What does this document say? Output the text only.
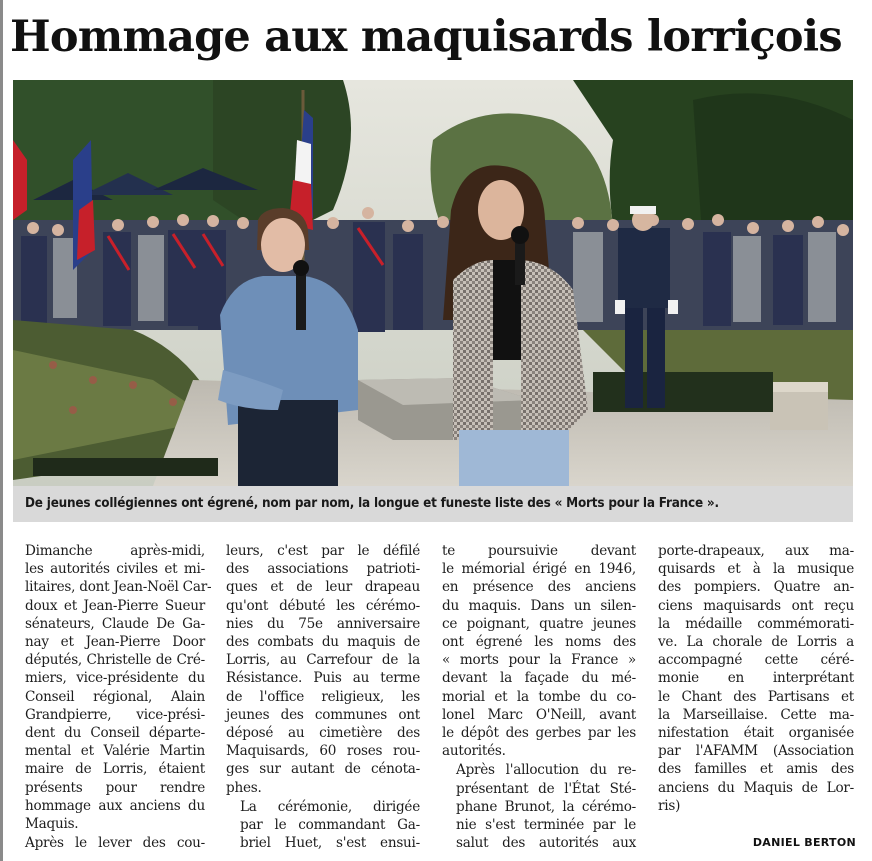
Hommage aux maquisards lorriçois
De jeunes collégiennes ont égrené, nom par nom, la longue et funeste liste des « Morts pour la France ».

Dimanche après-midi,
les autorités civiles et mi-
litaires, dont Jean-Noël Car-
doux et Jean-Pierre Sueur
sénateurs, Claude De Ga-
nay et Jean-Pierre Door
députés, Christelle de Cré-
miers, vice-présidente du
Conseil régional, Alain
Grandpierre, vice-prési-
dent du Conseil départe-
mental et Valérie Martin
maire de Lorris, étaient
présents pour rendre
hommage aux anciens du
Maquis.

Après le lever des cou-

leurs, c'est par le défilé
des associations patrioti-
ques et de leur drapeau
qu'ont débuté les cérémo-
nies du 75e anniversaire
des combats du maquis de
Lorris, au Carrefour de la
Résistance. Puis au terme
de l'office religieux, les
jeunes des communes ont
déposé au cimetière des
Maquisards, 60 roses rou-
ges sur autant de cénota-
phes.

La cérémonie, dirigée
par le commandant Ga-
briel Huet, s'est ensui-

te poursuivie devant
le mémorial érigé en 1946,
en présence des anciens
du maquis. Dans un silen-
ce poignant, quatre jeunes
ont égrené les noms des
« morts pour la France »
devant la façade du mé-
morial et la tombe du co-
lonel Marc O'Neill, avant
le dépôt des gerbes par les
autorités.

Après l'allocution du re-
présentant de l'État Sté-
phane Brunot, la cérémo-
nie s'est terminée par le
salut des autorités aux

porte-drapeaux, aux ma-
quisards et à la musique
des pompiers. Quatre an-
ciens maquisards ont reçu
la médaille commémorati-
ve. La chorale de Lorris a
accompagné cette céré-
monie en interprétant
le Chant des Partisans et
la Marseillaise. Cette ma-
nifestation était organisée
par l'AFAMM (Association
des familles et amis des
anciens du Maquis de Lor-
ris)

DANIEL BERTON
